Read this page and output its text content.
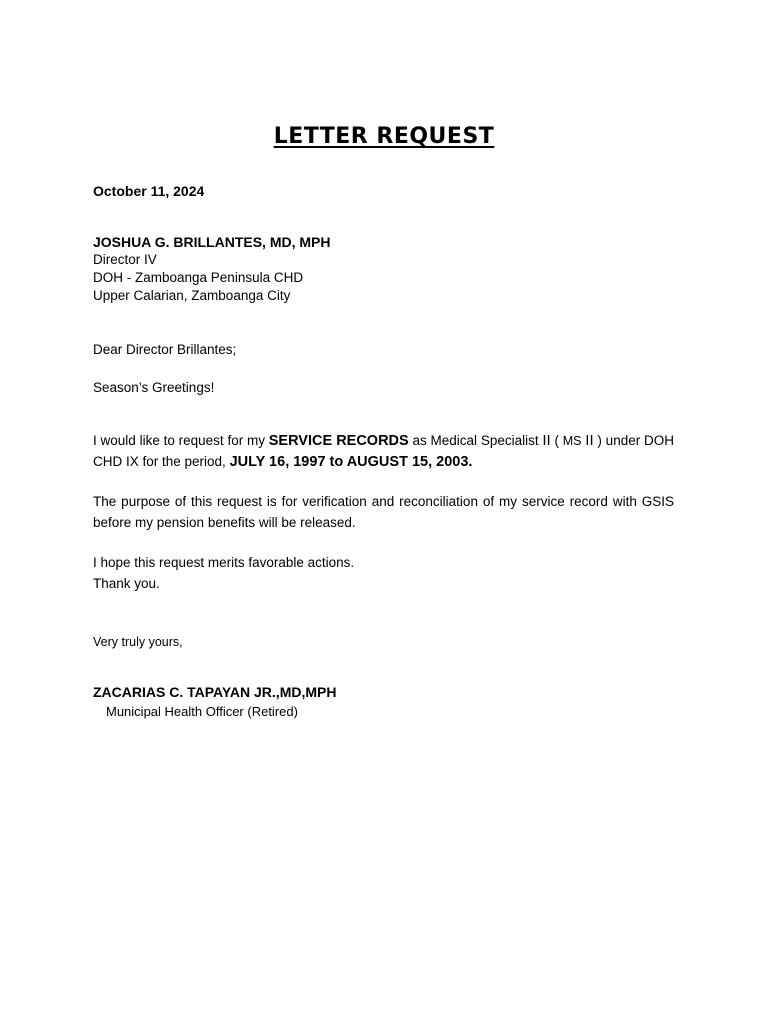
LETTER REQUEST
October 11, 2024
JOSHUA G. BRILLANTES, MD, MPH
Director IV
DOH - Zamboanga Peninsula CHD
Upper Calarian, Zamboanga City
Dear Director Brillantes;
Season’s Greetings!
I would like to request for my SERVICE RECORDS as Medical Specialist II ( MS II ) under DOH CHD IX for the period, JULY 16, 1997 to AUGUST 15, 2003.
The purpose of this request is for verification and reconciliation of my service record with GSIS before my pension benefits will be released.
I hope this request merits favorable actions.
Thank you.
Very truly yours,
ZACARIAS C. TAPAYAN JR.,MD,MPH
Municipal Health Officer (Retired)
